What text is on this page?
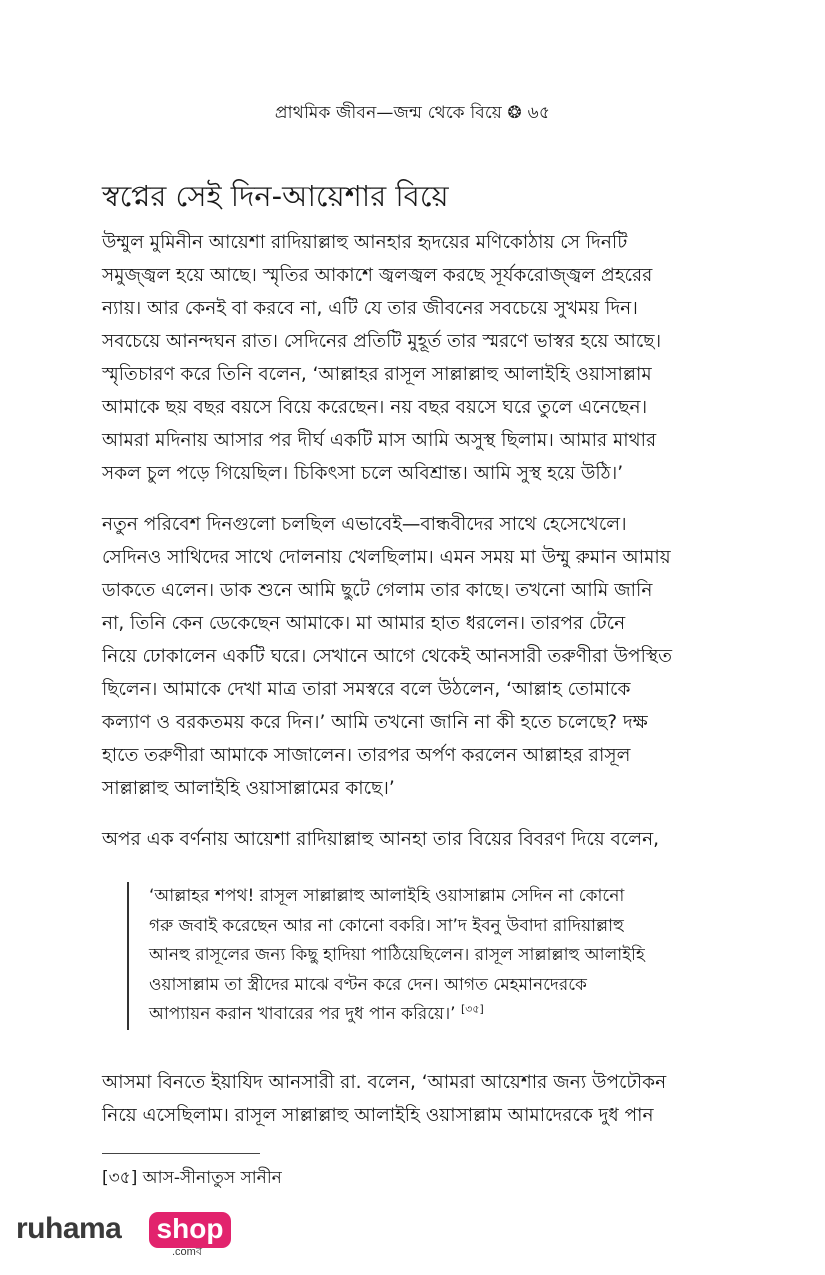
প্রাথমিক জীবন—জন্ম থেকে বিয়ে ❂ ৬৫
স্বপ্নের সেই দিন-আয়েশার বিয়ে
উম্মুল মুমিনীন আয়েশা রাদিয়াল্লাহু আনহার হৃদয়ের মণিকোঠায় সে দিনটি
সমুজ্জ্বল হয়ে আছে। স্মৃতির আকাশে জ্বলজ্বল করছে সূর্যকরোজ্জ্বল প্রহরের
ন্যায়। আর কেনই বা করবে না, এটি যে তার জীবনের সবচেয়ে সুখময় দিন।
সবচেয়ে আনন্দঘন রাত। সেদিনের প্রতিটি মুহূর্ত তার স্মরণে ভাস্বর হয়ে আছে।
স্মৃতিচারণ করে তিনি বলেন, ‘আল্লাহর রাসূল সাল্লাল্লাহু আলাইহি ওয়াসাল্লাম
আমাকে ছয় বছর বয়সে বিয়ে করেছেন। নয় বছর বয়সে ঘরে তুলে এনেছেন।
আমরা মদিনায় আসার পর দীর্ঘ একটি মাস আমি অসুস্থ ছিলাম। আমার মাথার
সকল চুল পড়ে গিয়েছিল। চিকিৎসা চলে অবিশ্রান্ত। আমি সুস্থ হয়ে উঠি।’
নতুন পরিবেশ দিনগুলো চলছিল এভাবেই—বান্ধবীদের সাথে হেসেখেলে।
সেদিনও সাথিদের সাথে দোলনায় খেলছিলাম। এমন সময় মা উম্মু রুমান আমায়
ডাকতে এলেন। ডাক শুনে আমি ছুটে গেলাম তার কাছে। তখনো আমি জানি
না, তিনি কেন ডেকেছেন আমাকে। মা আমার হাত ধরলেন। তারপর টেনে
নিয়ে ঢোকালেন একটি ঘরে। সেখানে আগে থেকেই আনসারী তরুণীরা উপস্থিত
ছিলেন। আমাকে দেখা মাত্র তারা সমস্বরে বলে উঠলেন, ‘আল্লাহ তোমাকে
কল্যাণ ও বরকতময় করে দিন।’ আমি তখনো জানি না কী হতে চলেছে? দক্ষ
হাতে তরুণীরা আমাকে সাজালেন। তারপর অর্পণ করলেন আল্লাহর রাসূল
সাল্লাল্লাহু আলাইহি ওয়াসাল্লামের কাছে।’
অপর এক বর্ণনায় আয়েশা রাদিয়াল্লাহু আনহা তার বিয়ের বিবরণ দিয়ে বলেন,
‘আল্লাহর শপথ! রাসূল সাল্লাল্লাহু আলাইহি ওয়াসাল্লাম সেদিন না কোনো
গরু জবাই করেছেন আর না কোনো বকরি। সা’দ ইবনু উবাদা রাদিয়াল্লাহু
আনহু রাসূলের জন্য কিছু হাদিয়া পাঠিয়েছিলেন। রাসূল সাল্লাল্লাহু আলাইহি
ওয়াসাল্লাম তা স্ত্রীদের মাঝে বণ্টন করে দেন। আগত মেহমানদেরকে
আপ্যায়ন করান খাবারের পর দুধ পান করিয়ে।’ [৩৫]
আসমা বিনতে ইয়াযিদ আনসারী রা. বলেন, ‘আমরা আয়েশার জন্য উপঢৌকন
নিয়ে এসেছিলাম। রাসূল সাল্লাল্লাহু আলাইহি ওয়াসাল্লাম আমাদেরকে দুধ পান
[৩৫] আস-সীনাতুস সানীন
ruhama shop
.comব
